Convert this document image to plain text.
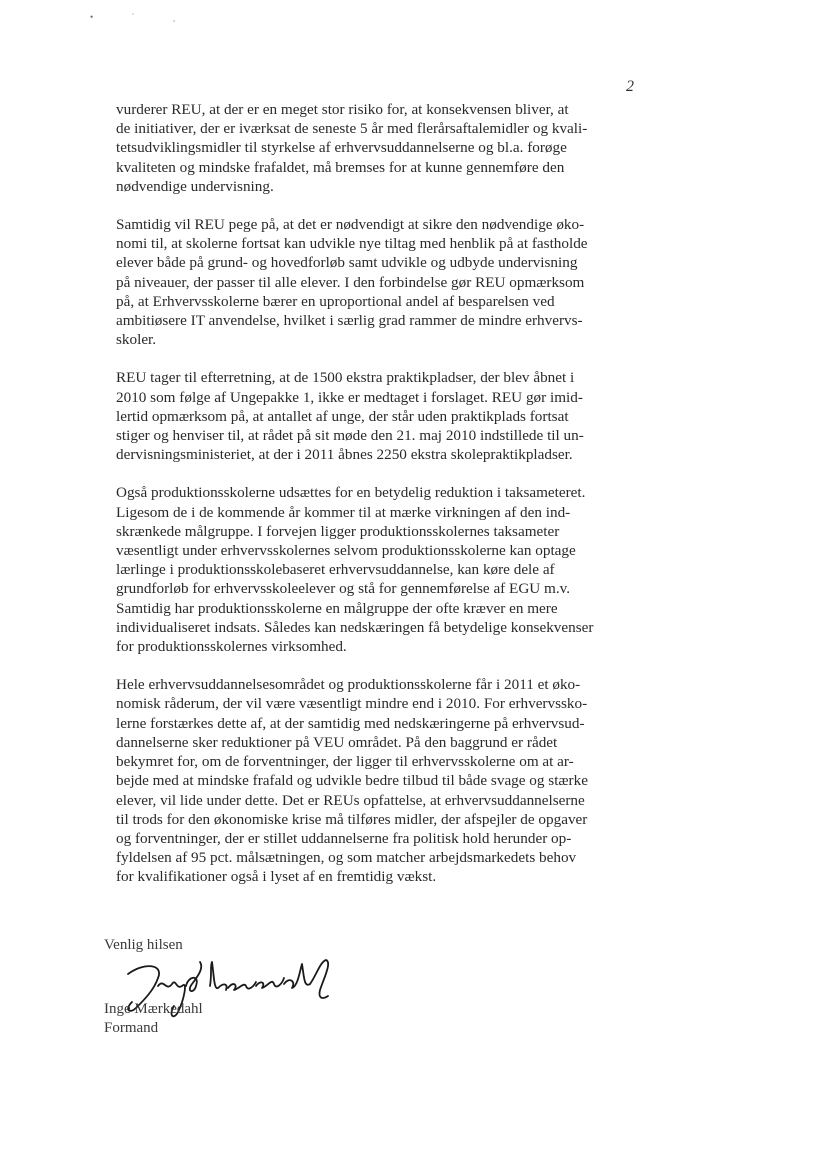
• ˙ ˎ
2

vurderer REU, at der er en meget stor risiko for, at konsekvensen bliver, at
de initiativer, der er iværksat de seneste 5 år med flerårsaftalemidler og kvali-
tetsudviklingsmidler til styrkelse af erhvervsuddannelserne og bl.a. forøge
kvaliteten og mindske frafaldet, må bremses for at kunne gennemføre den
nødvendige undervisning.

Samtidig vil REU pege på, at det er nødvendigt at sikre den nødvendige øko-
nomi til, at skolerne fortsat kan udvikle nye tiltag med henblik på at fastholde
elever både på grund- og hovedforløb samt udvikle og udbyde undervisning
på niveauer, der passer til alle elever. I den forbindelse gør REU opmærksom
på, at Erhvervsskolerne bærer en uproportional andel af besparelsen ved
ambitiøsere IT anvendelse, hvilket i særlig grad rammer de mindre erhvervs-
skoler.

REU tager til efterretning, at de 1500 ekstra praktikpladser, der blev åbnet i
2010 som følge af Ungepakke 1, ikke er medtaget i forslaget. REU gør imid-
lertid opmærksom på, at antallet af unge, der står uden praktikplads fortsat
stiger og henviser til, at rådet på sit møde den 21. maj 2010 indstillede til un-
dervisningsministeriet, at der i 2011 åbnes 2250 ekstra skolepraktikpladser.

Også produktionsskolerne udsættes for en betydelig reduktion i taksameteret.
Ligesom de i de kommende år kommer til at mærke virkningen af den ind-
skrænkede målgruppe. I forvejen ligger produktionsskolernes taksameter
væsentligt under erhvervsskolernes selvom produktionsskolerne kan optage
lærlinge i produktionsskolebaseret erhvervsuddannelse, kan køre dele af
grundforløb for erhvervsskoleelever og stå for gennemførelse af EGU m.v.
Samtidig har produktionsskolerne en målgruppe der ofte kræver en mere
individualiseret indsats. Således kan nedskæringen få betydelige konsekvenser
for produktionsskolernes virksomhed.

Hele erhvervsuddannelsesområdet og produktionsskolerne får i 2011 et øko-
nomisk råderum, der vil være væsentligt mindre end i 2010. For erhvervssko-
lerne forstærkes dette af, at der samtidig med nedskæringerne på erhvervsud-
dannelserne sker reduktioner på VEU området. På den baggrund er rådet
bekymret for, om de forventninger, der ligger til erhvervsskolerne om at ar-
bejde med at mindske frafald og udvikle bedre tilbud til både svage og stærke
elever, vil lide under dette. Det er REUs opfattelse, at erhvervsuddannelserne
til trods for den økonomiske krise må tilføres midler, der afspejler de opgaver
og forventninger, der er stillet uddannelserne fra politisk hold herunder op-
fyldelsen af 95 pct. målsætningen, og som matcher arbejdsmarkedets behov
for kvalifikationer også i lyset af en fremtidig vækst.

Venlig hilsen
Inge Mærkedahl
Formand
